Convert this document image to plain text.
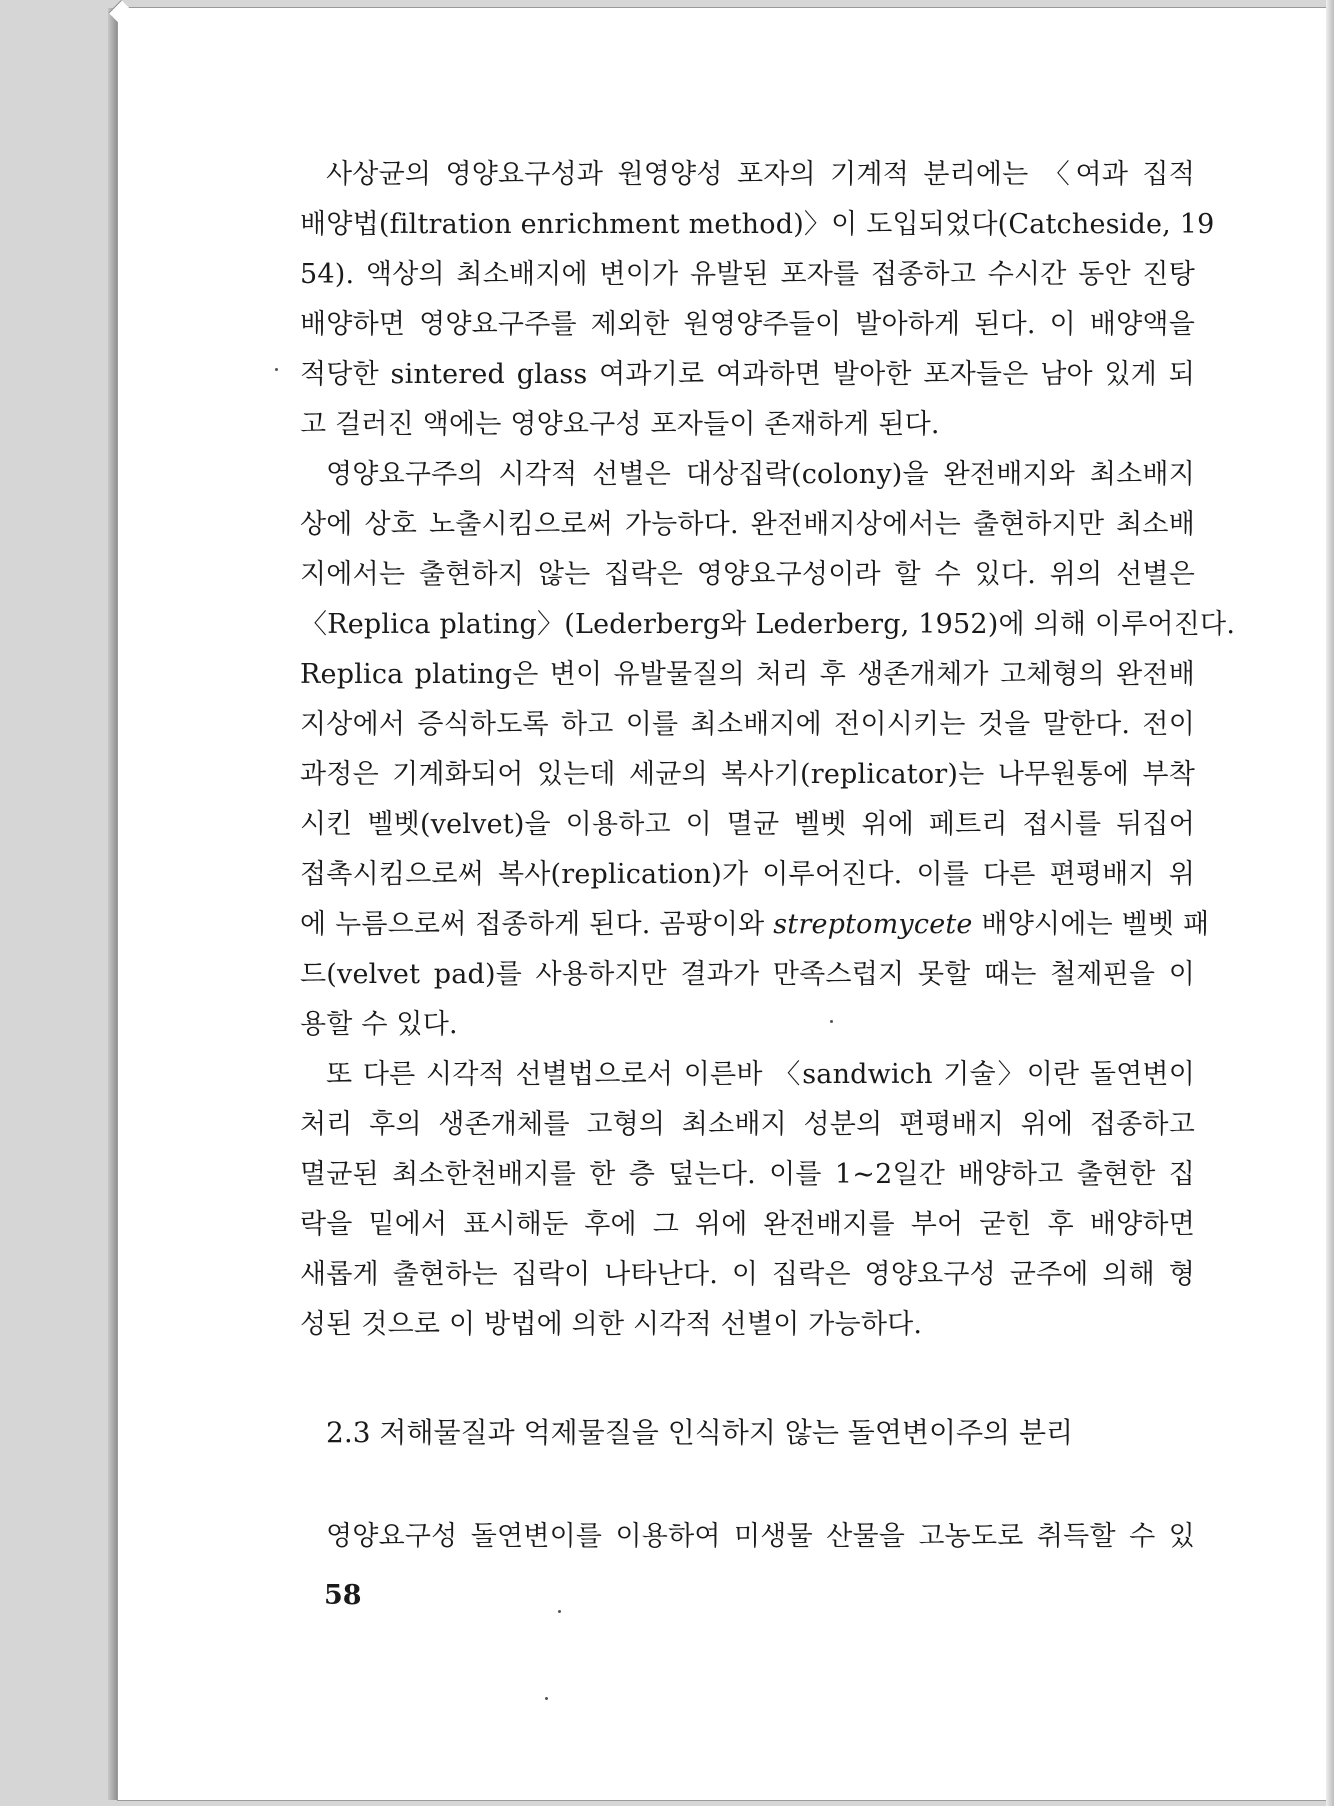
사상균의 영양요구성과 원영양성 포자의 기계적 분리에는 〈여과 집적
배양법(filtration enrichment method)〉이 도입되었다(Catcheside, 19
54). 액상의 최소배지에 변이가 유발된 포자를 접종하고 수시간 동안 진탕
배양하면 영양요구주를 제외한 원영양주들이 발아하게 된다. 이 배양액을
적당한 sintered glass 여과기로 여과하면 발아한 포자들은 남아 있게 되
고 걸러진 액에는 영양요구성 포자들이 존재하게 된다.
영양요구주의 시각적 선별은 대상집락(colony)을 완전배지와 최소배지
상에 상호 노출시킴으로써 가능하다. 완전배지상에서는 출현하지만 최소배
지에서는 출현하지 않는 집락은 영양요구성이라 할 수 있다. 위의 선별은
〈Replica plating〉(Lederberg와 Lederberg, 1952)에 의해 이루어진다.
Replica plating은 변이 유발물질의 처리 후 생존개체가 고체형의 완전배
지상에서 증식하도록 하고 이를 최소배지에 전이시키는 것을 말한다. 전이
과정은 기계화되어 있는데 세균의 복사기(replicator)는 나무원통에 부착
시킨 벨벳(velvet)을 이용하고 이 멸균 벨벳 위에 페트리 접시를 뒤집어
접촉시킴으로써 복사(replication)가 이루어진다. 이를 다른 편평배지 위
에 누름으로써 접종하게 된다. 곰팡이와 streptomycete 배양시에는 벨벳 패
드(velvet pad)를 사용하지만 결과가 만족스럽지 못할 때는 철제핀을 이
용할 수 있다.
또 다른 시각적 선별법으로서 이른바 〈sandwich 기술〉이란 돌연변이
처리 후의 생존개체를 고형의 최소배지 성분의 편평배지 위에 접종하고
멸균된 최소한천배지를 한 층 덮는다. 이를 1∼2일간 배양하고 출현한 집
락을 밑에서 표시해둔 후에 그 위에 완전배지를 부어 굳힌 후 배양하면
새롭게 출현하는 집락이 나타난다. 이 집락은 영양요구성 균주에 의해 형
성된 것으로 이 방법에 의한 시각적 선별이 가능하다.
2.3 저해물질과 억제물질을 인식하지 않는 돌연변이주의 분리
영양요구성 돌연변이를 이용하여 미생물 산물을 고농도로 취득할 수 있
58
